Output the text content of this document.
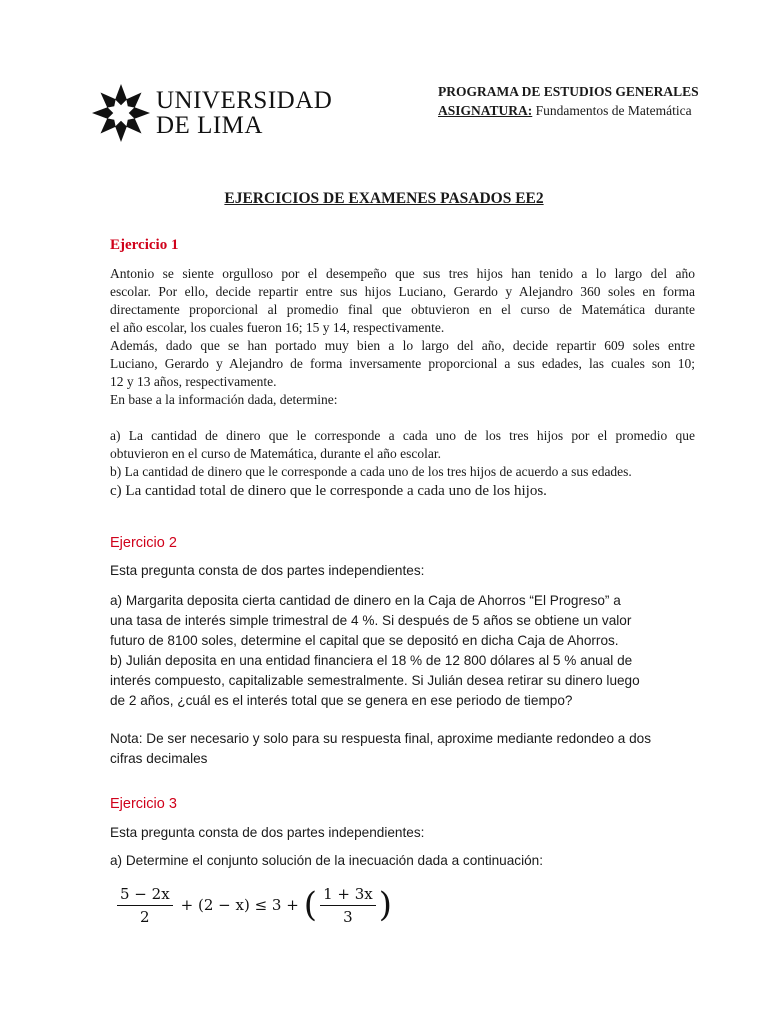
UNIVERSIDAD
DE LIMA
PROGRAMA DE ESTUDIOS GENERALES
ASIGNATURA: Fundamentos de Matemática
EJERCICIOS DE EXAMENES PASADOS EE2
Ejercicio 1

Antonio se siente orgulloso por el desempeño que sus tres hijos han tenido a lo largo del año

escolar. Por ello, decide repartir entre sus hijos Luciano, Gerardo y Alejandro 360 soles en forma

directamente proporcional al promedio final que obtuvieron en el curso de Matemática durante

el año escolar, los cuales fueron 16; 15 y 14, respectivamente.

Además, dado que se han portado muy bien a lo largo del año, decide repartir 609 soles entre

Luciano, Gerardo y Alejandro de forma inversamente proporcional a sus edades, las cuales son 10;

12 y 13 años, respectivamente.

En base a la información dada, determine:

a) La cantidad de dinero que le corresponde a cada uno de los tres hijos por el promedio que

obtuvieron en el curso de Matemática, durante el año escolar.

b) La cantidad de dinero que le corresponde a cada uno de los tres hijos de acuerdo a sus edades.

c) La cantidad total de dinero que le corresponde a cada uno de los hijos.

Ejercicio 2
Esta pregunta consta de dos partes independientes:

a) Margarita deposita cierta cantidad de dinero en la Caja de Ahorros “El Progreso” a

una tasa de interés simple trimestral de 4 %. Si después de 5 años se obtiene un valor

futuro de 8100 soles, determine el capital que se depositó en dicha Caja de Ahorros.

b) Julián deposita en una entidad financiera el 18 % de 12 800 dólares al 5 % anual de

interés compuesto, capitalizable semestralmente. Si Julián desea retirar su dinero luego

de 2 años, ¿cuál es el interés total que se genera en ese periodo de tiempo?

Nota: De ser necesario y solo para su respuesta final, aproxime mediante redondeo a dos

cifras decimales

Ejercicio 3
Esta pregunta consta de dos partes independientes:
a) Determine el conjunto solución de la inecuación dada a continuación:
$\frac{5 - 2x}{2} + (2 - x) \le 3$ + ( $\frac{1 + 3x}{3}$ )
